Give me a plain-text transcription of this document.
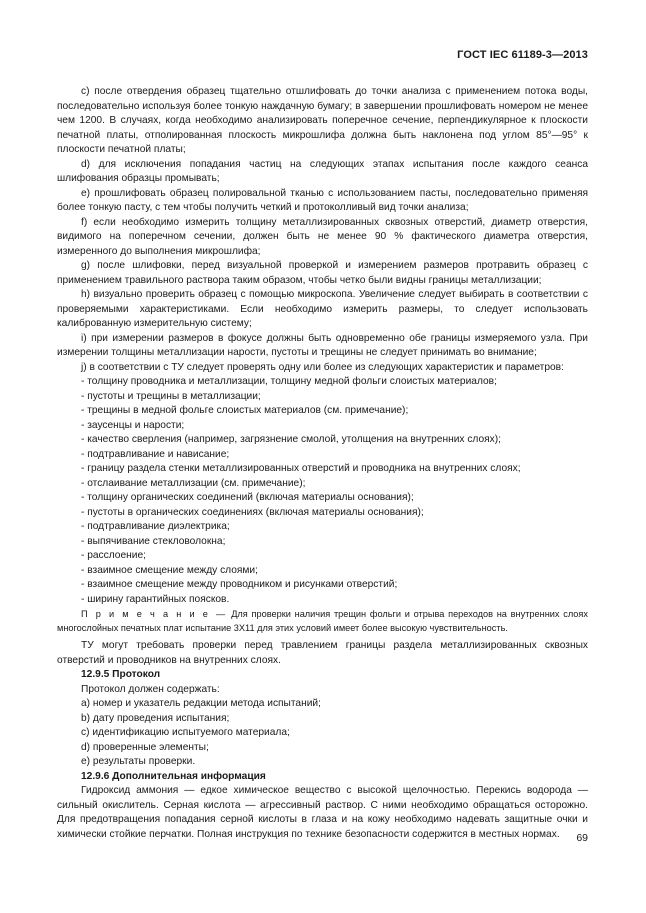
ГОСТ IEC 61189-3—2013

c) после отвердения образец тщательно отшлифовать до точки анализа с применением потока воды, последовательно используя более тонкую наждачную бумагу; в завершении прошлифовать номером не менее чем 1200. В случаях, когда необходимо анализировать поперечное сечение, перпендикулярное к плоскости печатной платы, отполированная плоскость микрошлифа должна быть наклонена под углом 85°—95° к плоскости печатной платы;

d) для исключения попадания частиц на следующих этапах испытания после каждого сеанса шлифования образцы промывать;

e) прошлифовать образец полировальной тканью с использованием пасты, последовательно применяя более тонкую пасту, с тем чтобы получить четкий и протоколливый вид точки анализа;

f) если необходимо измерить толщину металлизированных сквозных отверстий, диаметр отверстия, видимого на поперечном сечении, должен быть не менее 90 % фактического диаметра отверстия, измеренного до выполнения микрошлифа;

g) после шлифовки, перед визуальной проверкой и измерением размеров протравить образец с применением травильного раствора таким образом, чтобы четко были видны границы металлизации;

h) визуально проверить образец с помощью микроскопа. Увеличение следует выбирать в соответствии с проверяемыми характеристиками. Если необходимо измерить размеры, то следует использовать калиброванную измерительную систему;

i) при измерении размеров в фокусе должны быть одновременно обе границы измеряемого узла. При измерении толщины металлизации нарости, пустоты и трещины не следует принимать во внимание;

j) в соответствии с ТУ следует проверять одну или более из следующих характеристик и параметров:

- толщину проводника и металлизации, толщину медной фольги слоистых материалов;

- пустоты и трещины в металлизации;

- трещины в медной фольге слоистых материалов (см. примечание);

- заусенцы и нарости;

- качество сверления (например, загрязнение смолой, утолщения на внутренних слоях);

- подтравливание и нависание;

- границу раздела стенки металлизированных отверстий и проводника на внутренних слоях;

- отслаивание металлизации (см. примечание);

- толщину органических соединений (включая материалы основания);

- пустоты в органических соединениях (включая материалы основания);

- подтравливание диэлектрика;

- выпячивание стекловолокна;

- расслоение;

- взаимное смещение между слоями;

- взаимное смещение между проводником и рисунками отверстий;

- ширину гарантийных поясков.

П р и м е ч а н и е — Для проверки наличия трещин фольги и отрыва переходов на внутренних слоях многослойных печатных плат испытание 3Х11 для этих условий имеет более высокую чувствительность.

ТУ могут требовать проверки перед травлением границы раздела металлизированных сквозных отверстий и проводников на внутренних слоях.

12.9.5 Протокол

Протокол должен содержать:

a) номер и указатель редакции метода испытаний;

b) дату проведения испытания;

c) идентификацию испытуемого материала;

d) проверенные элементы;

e) результаты проверки.

12.9.6 Дополнительная информация

Гидроксид аммония — едкое химическое вещество с высокой щелочностью. Перекись водорода — сильный окислитель. Серная кислота — агрессивный раствор. С ними необходимо обращаться осторожно. Для предотвращения попадания серной кислоты в глаза и на кожу необходимо надевать защитные очки и химически стойкие перчатки. Полная инструкция по технике безопасности содержится в местных нормах.	69
